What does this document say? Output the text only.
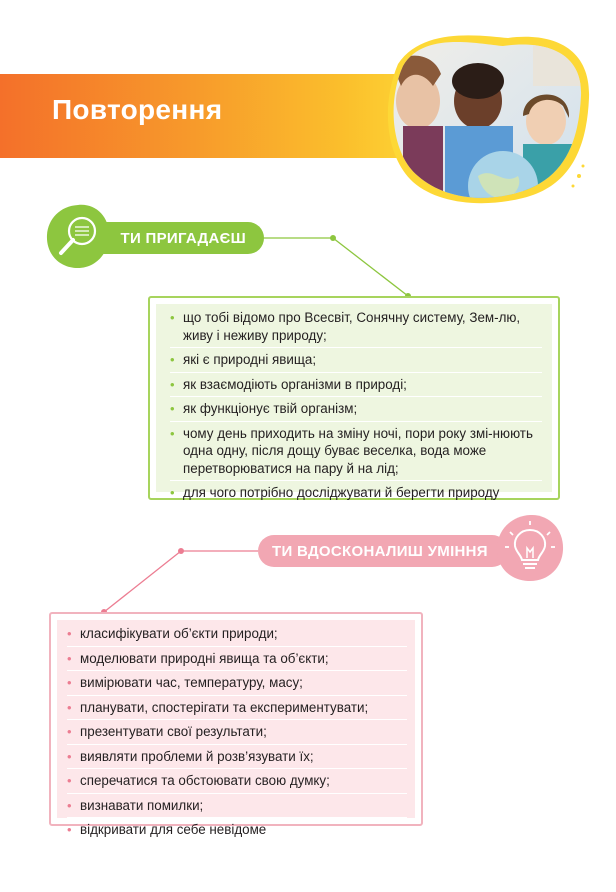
Повторення
ТИ ПРИГАДАЄШ
• що тобі відомо про Всесвіт, Сонячну систему, Зем-лю, живу і неживу природу;
• які є природні явища;
• як взаємодіють організми в природі;
• як функціонує твій організм;
• чому день приходить на зміну ночі, пори року змі-нюють одна одну, після дощу буває веселка, вода може перетворюватися на пару й на лід;
• для чого потрібно досліджувати й берегти природу
ТИ ВДОСКОНАЛИШ УМІННЯ
• класифікувати об’єкти природи;
• моделювати природні явища та об’єкти;
• вимірювати час, температуру, масу;
• планувати, спостерігати та експериментувати;
• презентувати свої результати;
• виявляти проблеми й розв’язувати їх;
• сперечатися та обстоювати свою думку;
• визнавати помилки;
• відкривати для себе невідоме
